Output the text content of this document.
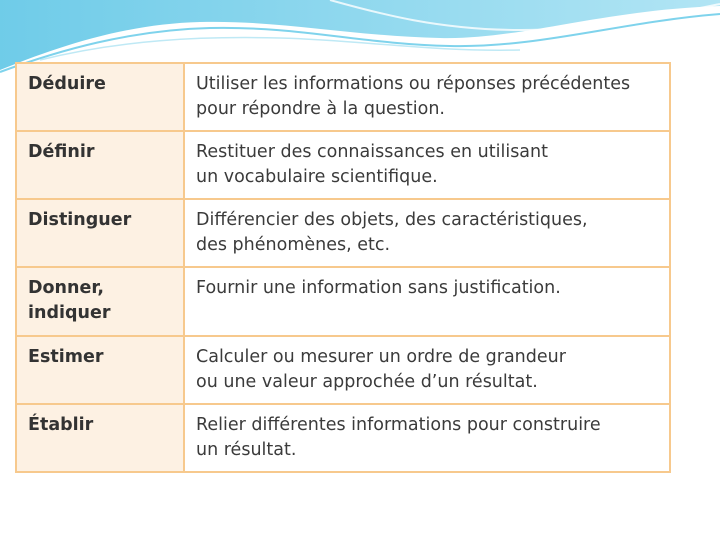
Déduire	Utiliser les informations ou réponses précédentes
pour répondre à la question.
Définir	Restituer des connaissances en utilisant
un vocabulaire scientifique.
Distinguer	Différencier des objets, des caractéristiques,
des phénomènes, etc.
Donner,
indiquer	Fournir une information sans justification.
Estimer	Calculer ou mesurer un ordre de grandeur
ou une valeur approchée d’un résultat.
Établir	Relier différentes informations pour construire
un résultat.
